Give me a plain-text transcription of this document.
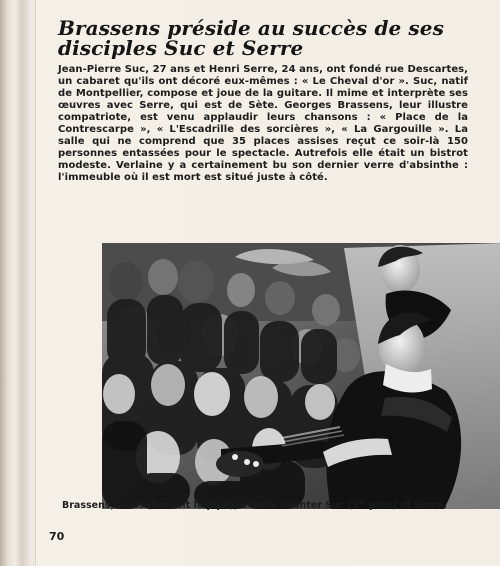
Brassens préside au succès de ses disciples Suc et Serre

Jean-Pierre Suc, 27 ans et Henri Serre, 24 ans, ont fondé rue Descartes, un cabaret qu'ils ont décoré eux-mêmes : « Le Cheval d'or ». Suc, natif de Montpellier, compose et joue de la guitare. Il mime et interprète ses œuvres avec Serre, qui est de Sète. Georges Brassens, leur illustre compatriote, est venu applaudir leurs chansons : « Place de la Contrescarpe », « L'Escadrille des sorcières », « La Gargouille ». La salle qui ne comprend que 35 places assises reçut ce soir-là 150 personnes entassées pour le spectacle. Autrefois elle était un bistrot modeste. Verlaine y a certainement bu son dernier verre d'absinthe : l'immeuble où il est mort est situé juste à côté.

Brassens, assis (fumant la pipe), écoute chanter Suc (1er plan) et Serre.

70
